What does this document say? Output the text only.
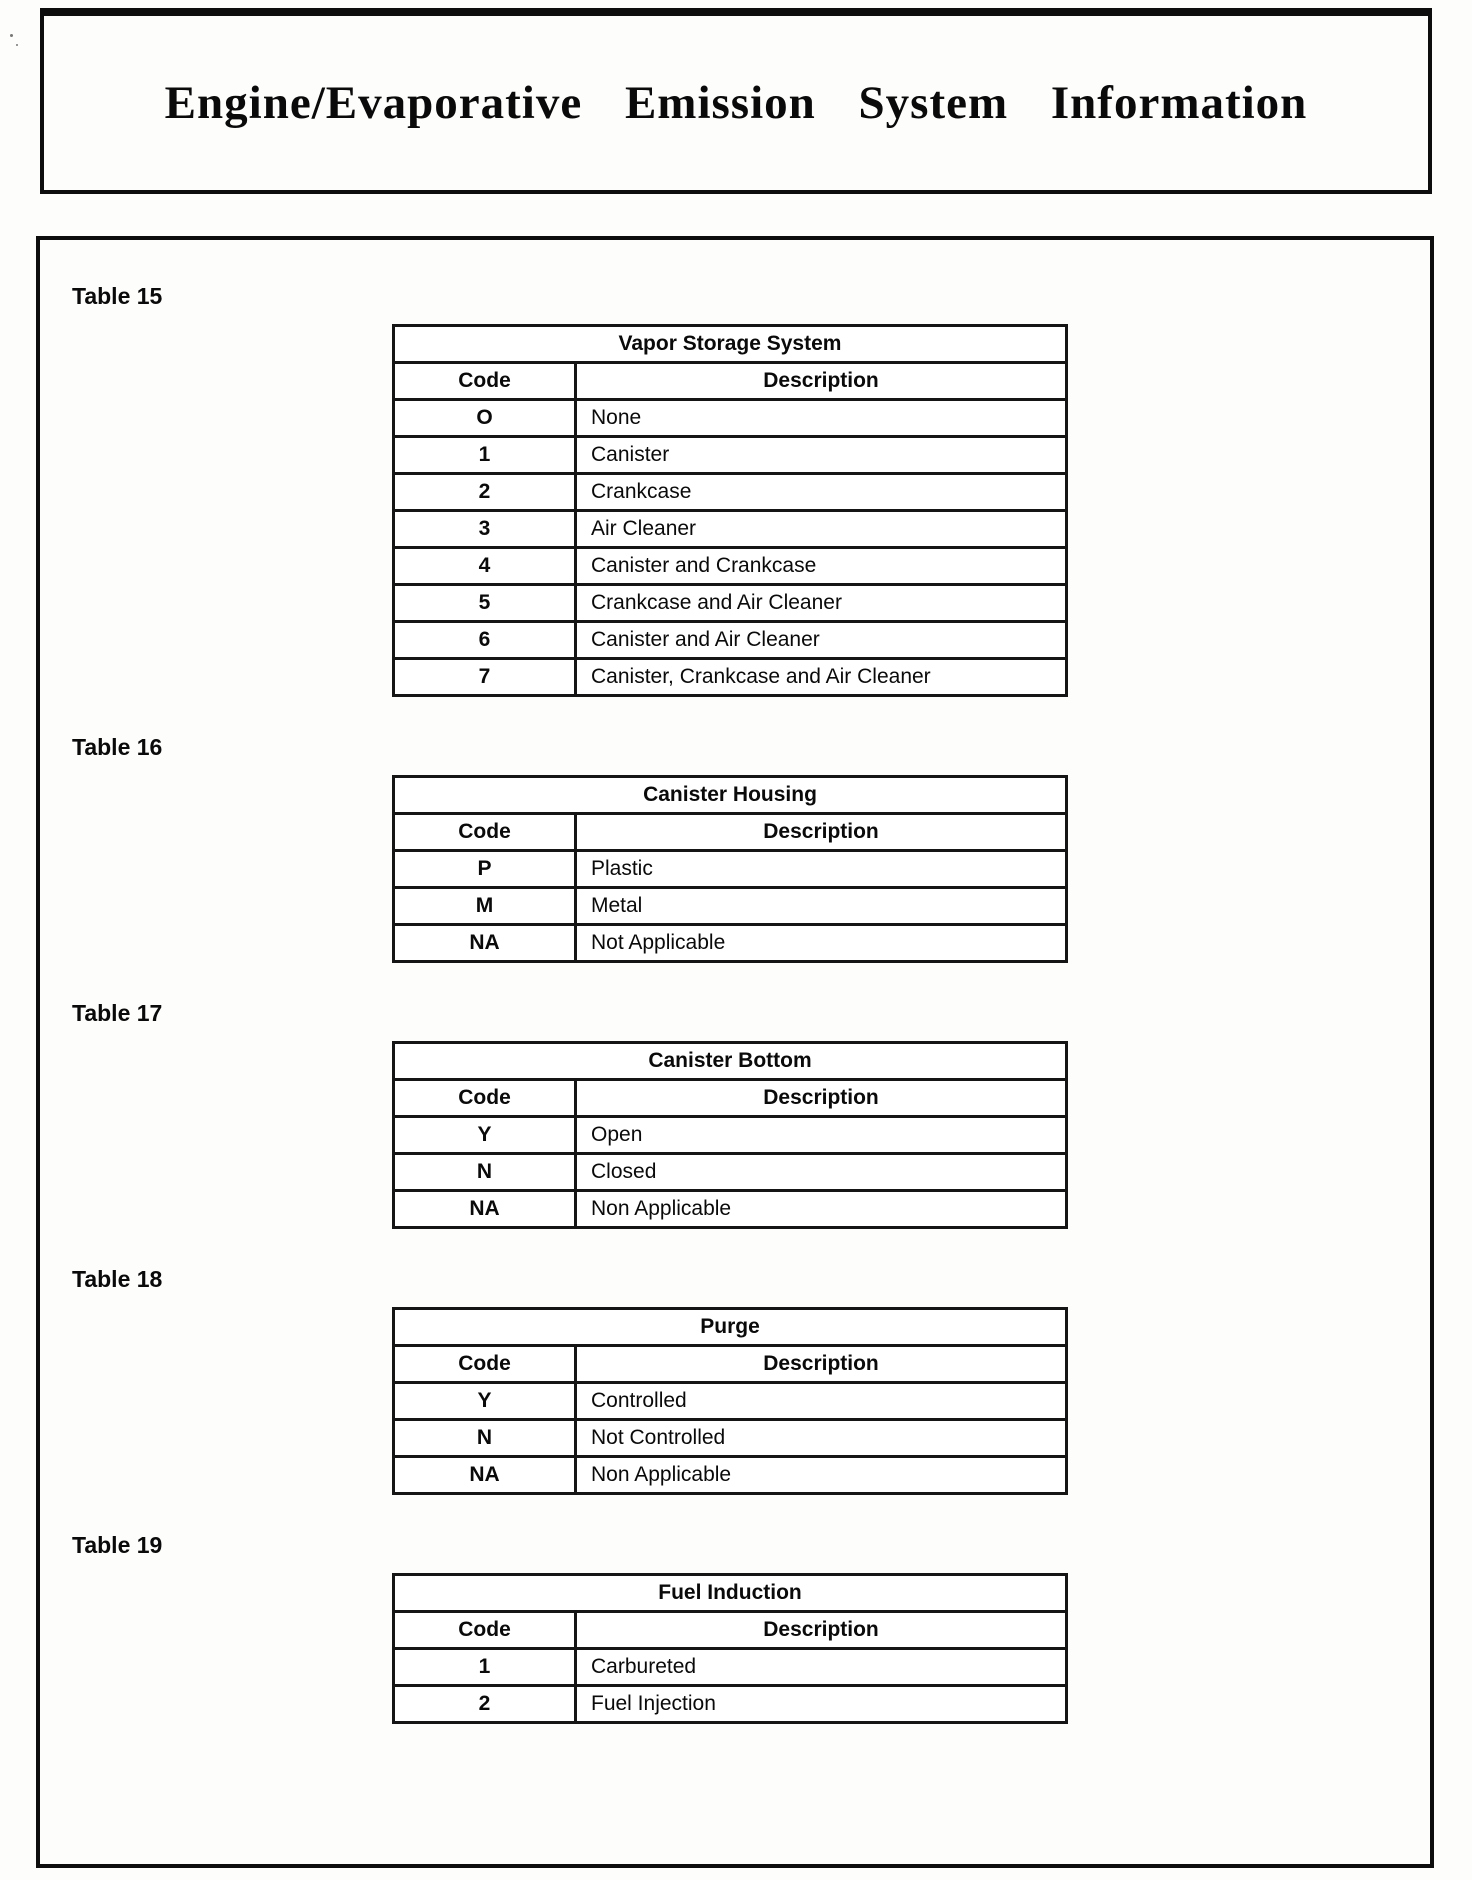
Engine/Evaporative Emission System Information
Table 15
Vapor Storage System	
Code	Description
O	None
1	Canister
2	Crankcase
3	Air Cleaner
4	Canister and Crankcase
5	Crankcase and Air Cleaner
6	Canister and Air Cleaner
7	Canister, Crankcase and Air Cleaner
Table 16
Canister Housing	
Code	Description
P	Plastic
M	Metal
NA	Not Applicable
Table 17
Canister Bottom	
Code	Description
Y	Open
N	Closed
NA	Non Applicable
Table 18
Purge	
Code	Description
Y	Controlled
N	Not Controlled
NA	Non Applicable
Table 19
Fuel Induction	
Code	Description
1	Carbureted
2	Fuel Injection
